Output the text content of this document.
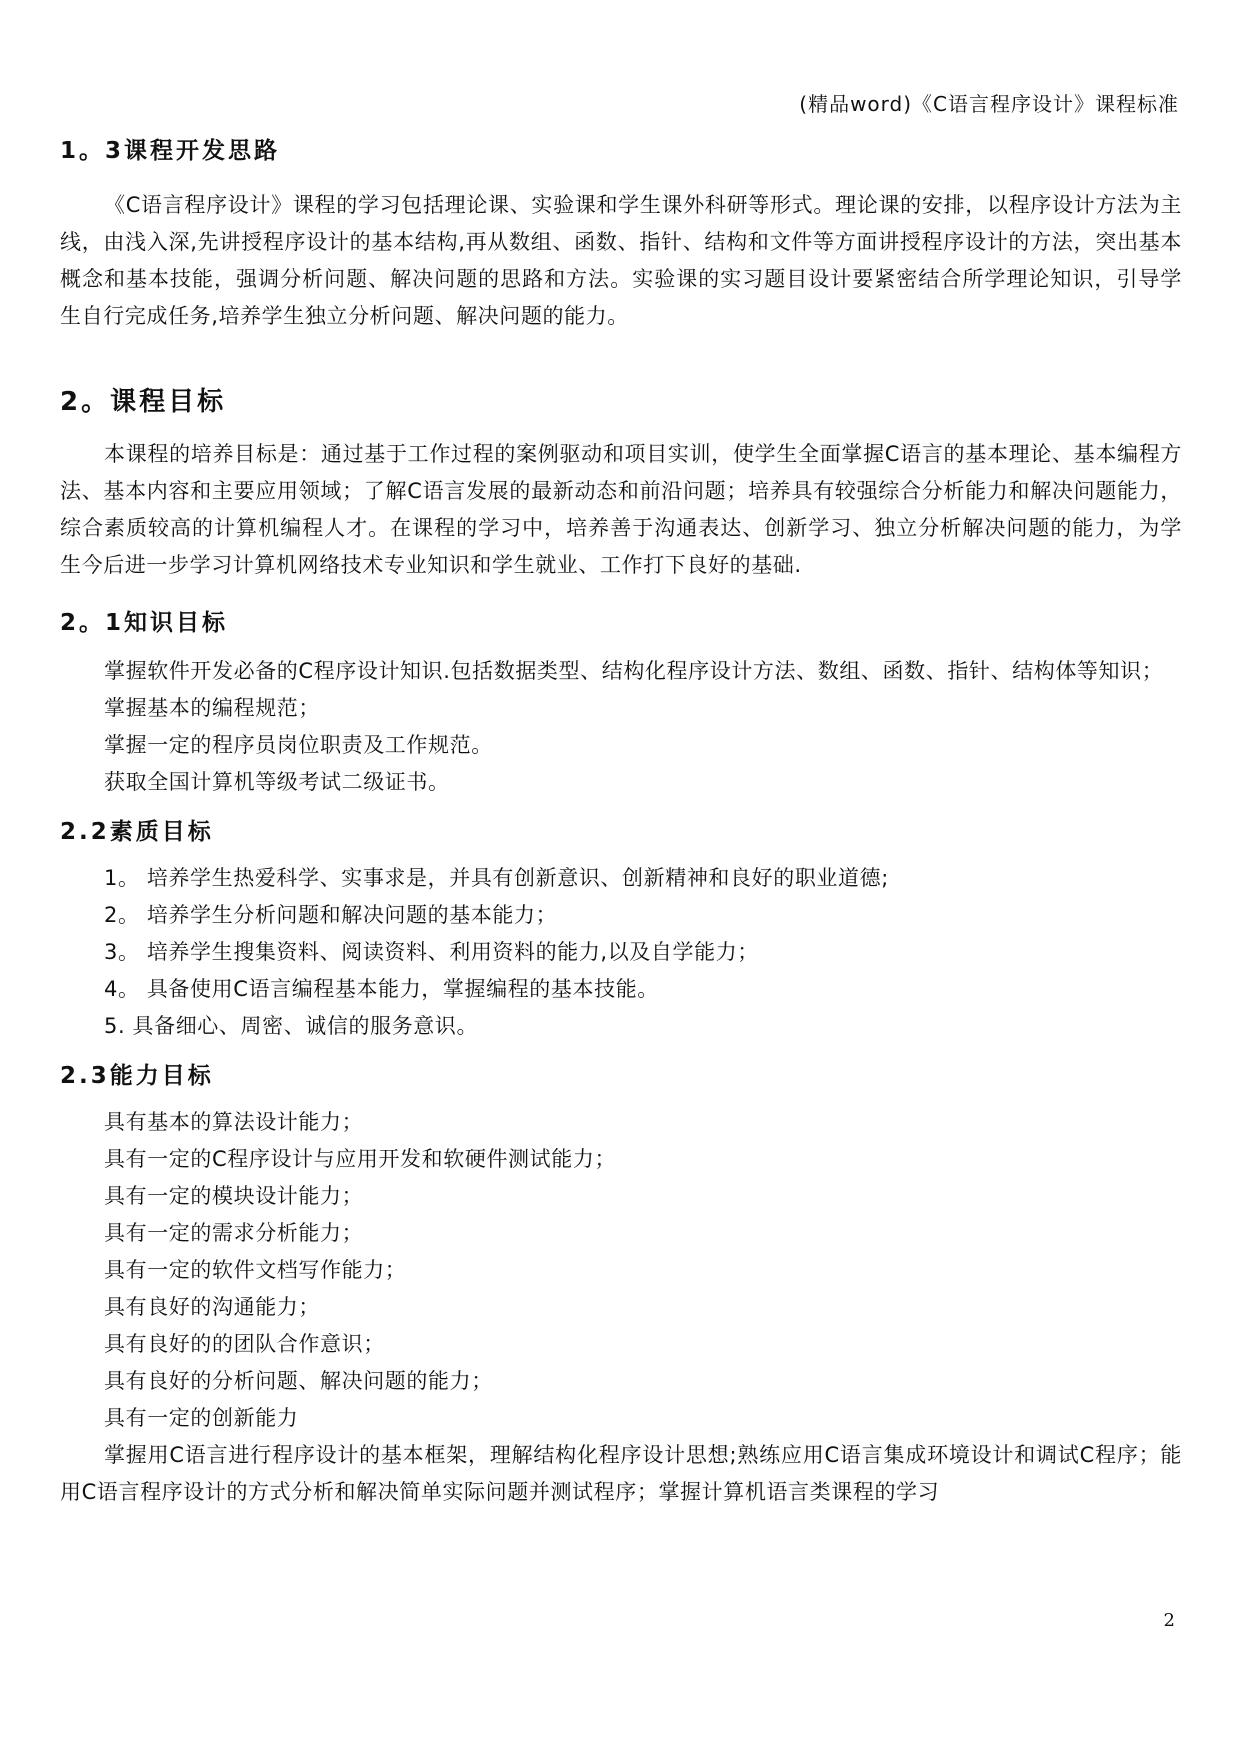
(精品word)《C语言程序设计》课程标准
1。3课程开发思路

《C语言程序设计》课程的学习包括理论课、实验课和学生课外科研等形式。理论课的安排，以程序设计方法为主线，由浅入深,先讲授程序设计的基本结构,再从数组、函数、指针、结构和文件等方面讲授程序设计的方法，突出基本概念和基本技能，强调分析问题、解决问题的思路和方法。实验课的实习题目设计要紧密结合所学理论知识，引导学生自行完成任务,培养学生独立分析问题、解决问题的能力。

2。课程目标

本课程的培养目标是：通过基于工作过程的案例驱动和项目实训，使学生全面掌握C语言的基本理论、基本编程方法、基本内容和主要应用领域；了解C语言发展的最新动态和前沿问题；培养具有较强综合分析能力和解决问题能力，综合素质较高的计算机编程人才。在课程的学习中，培养善于沟通表达、创新学习、独立分析解决问题的能力，为学生今后进一步学习计算机网络技术专业知识和学生就业、工作打下良好的基础.

2。1知识目标

掌握软件开发必备的C程序设计知识.包括数据类型、结构化程序设计方法、数组、函数、指针、结构体等知识；

掌握基本的编程规范；
掌握一定的程序员岗位职责及工作规范。
获取全国计算机等级考试二级证书。
2.2素质目标
1。 培养学生热爱科学、实事求是，并具有创新意识、创新精神和良好的职业道德;
2。 培养学生分析问题和解决问题的基本能力；
3。 培养学生搜集资料、阅读资料、利用资料的能力,以及自学能力；
4。 具备使用C语言编程基本能力，掌握编程的基本技能。
5. 具备细心、周密、诚信的服务意识。
2.3能力目标
具有基本的算法设计能力；
具有一定的C程序设计与应用开发和软硬件测试能力；
具有一定的模块设计能力；
具有一定的需求分析能力；
具有一定的软件文档写作能力；
具有良好的沟通能力；
具有良好的的团队合作意识；
具有良好的分析问题、解决问题的能力；
具有一定的创新能力

掌握用C语言进行程序设计的基本框架，理解结构化程序设计思想;熟练应用C语言集成环境设计和调试C程序；能用C语言程序设计的方式分析和解决简单实际问题并测试程序；掌握计算机语言类课程的学习

2
